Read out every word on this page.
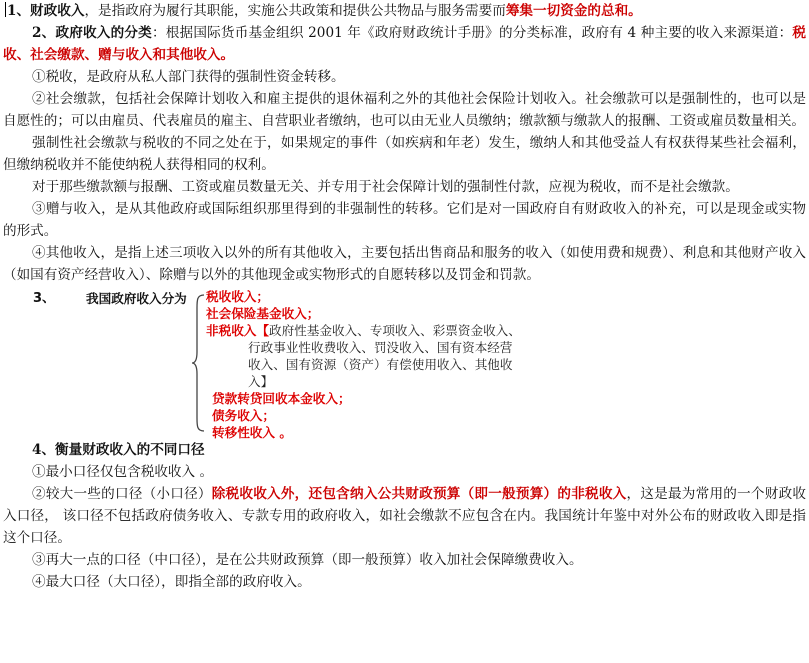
1、财政收入，是指政府为履行其职能，实施公共政策和提供公共物品与服务需要而筹集一切资金的总和。

2、政府收入的分类：根据国际货币基金组织 2001 年《政府财政统计手册》的分类标准，政府有 4 种主要的收入来源渠道：税收、社会缴款、赠与收入和其他收入。

①税收，是政府从私人部门获得的强制性资金转移。

②社会缴款，包括社会保障计划收入和雇主提供的退休福利之外的其他社会保险计划收入。社会缴款可以是强制性的，也可以是自愿性的；可以由雇员、代表雇员的雇主、自营职业者缴纳，也可以由无业人员缴纳；缴款额与缴款人的报酬、工资或雇员数量相关。

强制性社会缴款与税收的不同之处在于，如果规定的事件（如疾病和年老）发生，缴纳人和其他受益人有权获得某些社会福利，但缴纳税收并不能使纳税人获得相同的权利。

对于那些缴款额与报酬、工资或雇员数量无关、并专用于社会保障计划的强制性付款，应视为税收，而不是社会缴款。

③赠与收入，是从其他政府或国际组织那里得到的非强制性的转移。它们是对一国政府自有财政收入的补充，可以是现金或实物的形式。

④其他收入，是指上述三项收入以外的所有其他收入，主要包括出售商品和服务的收入（如使用费和规费）、利息和其他财产收入（如国有资产经营收入）、除赠与以外的其他现金或实物形式的自愿转移以及罚金和罚款。

3、 我国政府收入分为 税收收入；
社会保险基金收入；
非税收入【政府性基金收入、专项收入、彩票资金收入、
行政事业性收费收入、罚没收入、国有资本经营
收入、国有资源（资产）有偿使用收入、其他收
入】
贷款转贷回收本金收入；
债务收入；
转移性收入 。

4、衡量财政收入的不同口径

①最小口径仅包含税收收入 。

②较大一些的口径（小口径）除税收收入外，还包含纳入公共财政预算（即一般预算）的非税收入，这是最为常用的一个财政收入口径， 该口径不包括政府债务收入、专款专用的政府收入，如社会缴款不应包含在内。我国统计年鉴中对外公布的财政收入即是指这个口径。

③再大一点的口径（中口径），是在公共财政预算（即一般预算）收入加社会保障缴费收入。

④最大口径（大口径），即指全部的政府收入。
